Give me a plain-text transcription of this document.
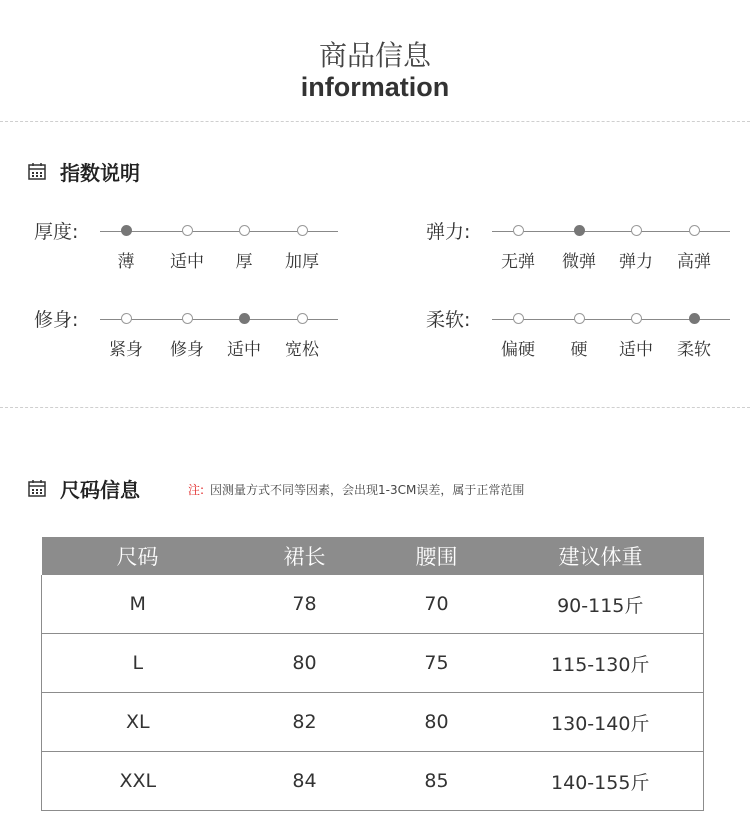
商品信息
information
指数说明
厚度:
薄	适中	厚	加厚
弹力:
无弹	微弹	弹力	高弹
修身:
紧身	修身	适中	宽松
柔软:
偏硬	硬	适中	柔软
尺码信息	注: 因测量方式不同等因素，会出现1-3CM误差，属于正常范围
尺码	裙长	腰围	建议体重
M	78	70	90-115斤
L	80	75	115-130斤
XL	82	80	130-140斤
XXL	84	85	140-155斤
